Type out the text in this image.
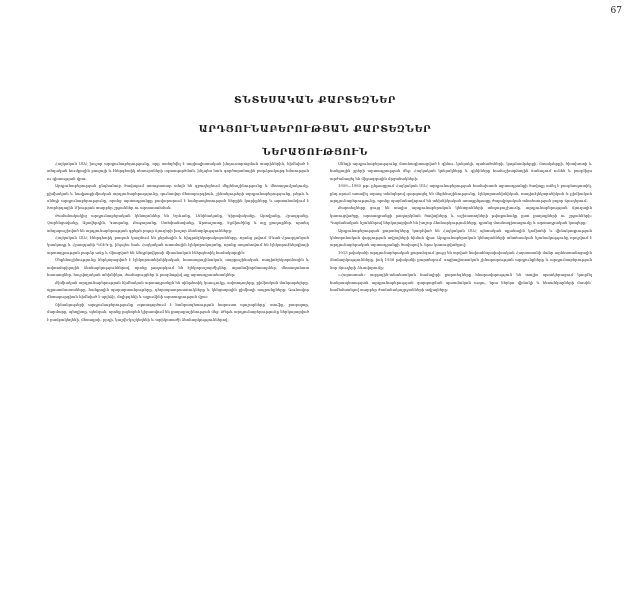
67
ՏՆՏԵՍԱԿԱՆ ՔԱՐՏԵԶՆԵՐ
ԱՐԴՅՈՒՆԱԲԵՐՈՒԹՅԱՆ ՔԱՐՏԵԶՆԵՐ
ՆԵՐԱԾՈՒԹՅՈՒՆ

Հայկական ՍՍՀ խոշոր արդյունաբերությունը, որը ստեղծվել է սոցիալիստական ինդուստրացման տարիներին, հիմնված է տեղական հումքային բազայի և էներգետիկ ռեսուրսների օգտագործման, ինչպես նաև գործարանային բարձրակարգ հմտության ու գիտության վրա։

Արդյունաբերության ընդհանուր ծավալում առաջատար տեղն են զբաղեցնում մեքենաշինությունը և մետաղամշակումը, քիմիական և նավթաքիմիական արդյունաբերությունը, գունավոր մետալուրգիան, շինանյութերի արդյունաբերությունը, թեթև և սննդի արդյունաբերությունը, որոնց արտադրանքը բավարարում է հանրապետության ներքին կարիքները և արտահանվում է Խորհրդային Միության տարբեր շրջաններ ու արտասահման։

Ժամանակակից արդյունաբերական կենտրոններ են Երևանը, Լենինականը, Կիրովականը, Աբովյանը, Հրազդանը, Չարենցավանը, Ալավերդին, Կապանը, Քաջարանը, Ստեփանավանը, Արտաշատը, Էջմիածինը և այլ քաղաքներ, որտեղ տեղաբաշխված են արդյունաբերության գրեթե բոլոր ճյուղերի խոշոր ձեռնարկությունները։

Հայկական ՍՍՀ էներգետիկ բազան կազմում են ջերմային և հիդրոէլեկտրակայանները, որոնց թվում Սևան-Հրազդանյան կասկադը և Հրազդանի ՊՇԷԿ-ը, ինչպես նաև Հայկական ատոմային էլեկտրակայանը, որոնք ապահովում են էլեկտրաէներգիայի արտադրության բարձր աճը և միացված են Անդրկովկասի միասնական էներգետիկ համակարգին։

Մեքենաշինությունը ներկայացված է էլեկտրատեխնիկական, հաստոցաշինական, սարքաշինական, ռադիոէլեկտրոնային և ավտոմոբիլային ձեռնարկություններով, որոնք թողարկում են էլեկտրաշարժիչներ, տրանսֆորմատորներ, մետաղահատ հաստոցներ, հաշվողական տեխնիկա, ժամացույցներ և բազմաթիվ այլ արտադրատեսակներ։

Քիմիական արդյունաբերության հիմնական արտադրանքն են սինթետիկ կաուչուկը, ավտոդողերը, քիմիական մանրաթելերը, պլաստմասսաները, հանքային պարարտանյութերը, դեղապատրաստուկները և կենցաղային քիմիայի ապրանքները։ Գունավոր մետալուրգիան հիմնված է պղնձի, մոլիբդենի և ալյումինի արտադրության վրա։

Շինանյութերի արդյունաբերությունը օգտագործում է հանրապետության հարուստ պաշարները՝ տուֆը, բազալտը, մարմարը, պեռլիտը, պեմզան, որոնք լայնորեն կիրառվում են քաղաքաշինության մեջ։ Թեթև արդյունաբերությունը ներկայացված է բամբակեղենի, մետաքսի, բրդի, կաշվե-կոշկեղենի և տրիկոտաժի ձեռնարկություններով։

Սննդի արդյունաբերությունը մասնագիտացված է գինու, կոնյակի, պահածոների, կաթնամթերքի, մսամթերքի, ծխախոտի և հանքային ջրերի արտադրության մեջ։ Հայկական կոնյակները և գինիները համաշխարհային ճանաչում ունեն և բազմիցս արժանացել են միջազգային մրցանակների։

1959—1985 թթ. ընթացքում Հայկական ՍՍՀ արդյունաբերության համախառն արտադրանքի ծավալը աճել է բազմապատիկ, ընդ որում առավել արագ տեմպերով զարգացել են մեքենաշինությունը, էլեկտրատեխնիկան, ռադիոէլեկտրոնիկան և քիմիական արդյունաբերությունը, որոնք պայմանավորում են տեխնիկական առաջընթացը ժողովրդական տնտեսության բոլոր ճյուղերում։

Քարտեզները ցույց են տալիս արդյունաբերական կենտրոնների տեղաբաշխումը, արդյունաբերության ճյուղային կառուցվածքը, արտադրանքի թողարկման ծավալները և աշխատողների թվաքանակը ըստ քաղաքների ու շրջանների։ Պայմանական նշաններով ներկայացված են խոշոր ձեռնարկությունները, դրանց մասնագիտացումը և արտադրական կապերը։

Արդյունաբերության քարտեզները կազմված են Հայկական ՍՍՀ պետական պլանային կոմիտեի և վիճակագրության կենտրոնական վարչության տվյալների հիման վրա։ Արդյունաբերական կենտրոնների տնտեսական նշանակությունը որոշվում է արդյունաբերական արտադրանքի ծավալով և նրա կառուցվածքով։

1913 թվականի արդյունաբերական քարտեզում ցույց են տրված նախահեղափոխական Հայաստանի մանր արհեստանոցային ձեռնարկությունները, իսկ 1958 թվականի քարտեզում՝ սոցիալիստական շինարարության արդյունքները և արդյունաբերության նոր ճյուղերի ձևավորումը։

«Հայաստան» ազգային-տնտեսական համալիրի քարտեզները հնարավորություն են տալիս պատկերացում կազմել հանրապետության արդյունաբերության զարգացման պատմական ուղու, նրա ներկա վիճակի և հեռանկարների մասին՝ համեմատելով տարբեր ժամանակաշրջանների տվյալները։
